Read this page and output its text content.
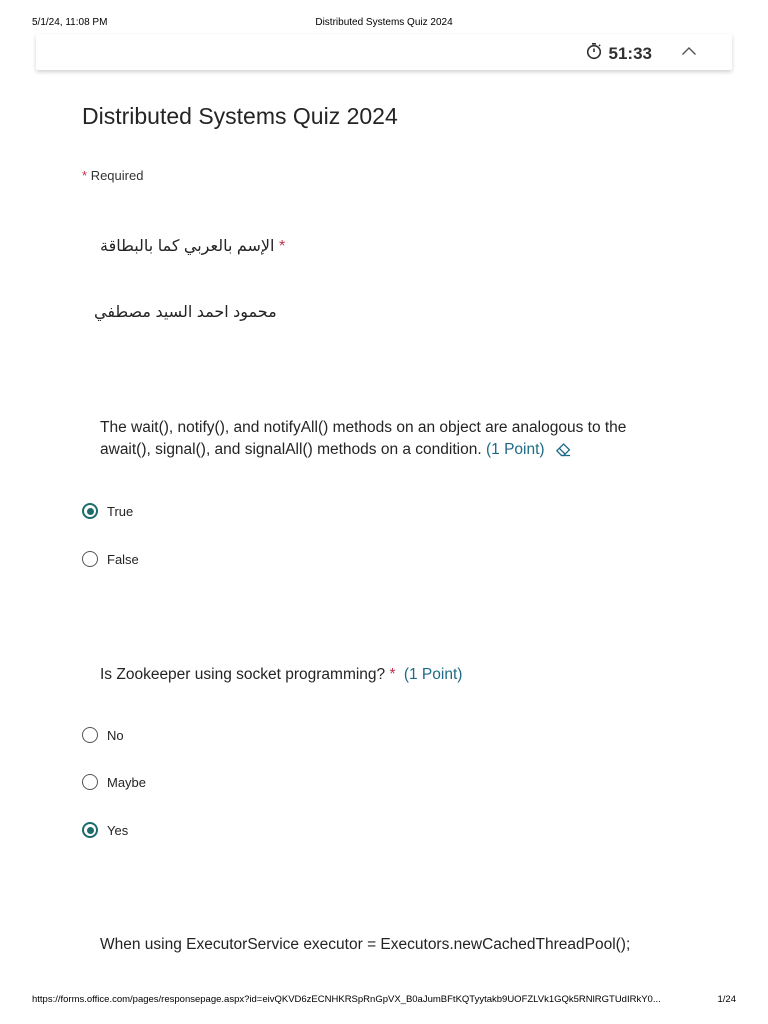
5/1/24, 11:08 PM	Distributed Systems Quiz 2024
51:33
Distributed Systems Quiz 2024
* Required
الإسم بالعربي كما بالبطاقة *
محمود احمد السيد مصطفي
The wait(), notify(), and notifyAll() methods on an object are analogous to the
await(), signal(), and signalAll() methods on a condition. (1 Point)
True
False
Is Zookeeper using socket programming? * (1 Point)
No
Maybe
Yes
When using ExecutorService executor = Executors.newCachedThreadPool();
https://forms.office.com/pages/responsepage.aspx?id=eivQKVD6zECNHKRSpRnGpVX_B0aJumBFtKQTyytakb9UOFZLVk1GQk5RNlRGTUdIRkY0...	1/24
